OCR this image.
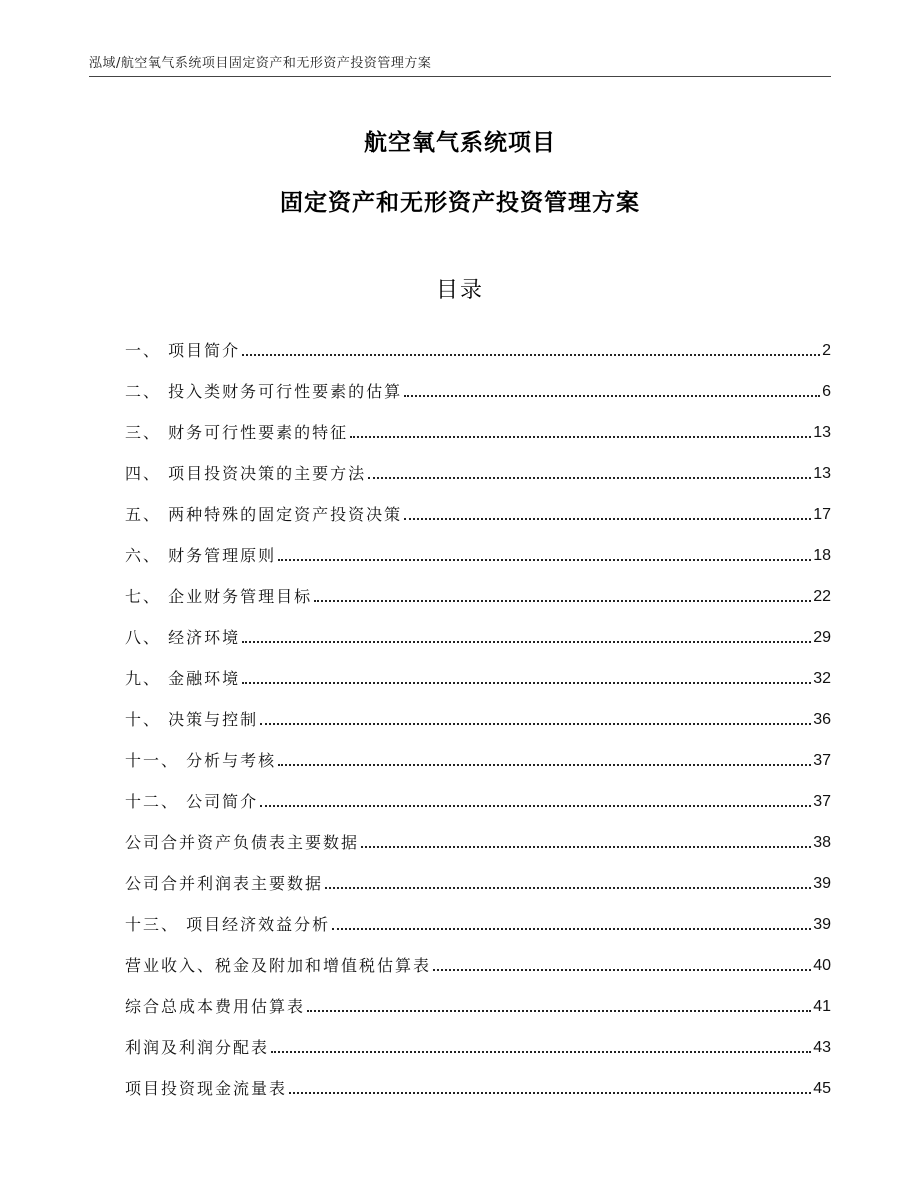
泓域/航空氧气系统项目固定资产和无形资产投资管理方案
航空氧气系统项目
固定资产和无形资产投资管理方案
目录
一、 项目简介	2
二、 投入类财务可行性要素的估算	6
三、 财务可行性要素的特征	13
四、 项目投资决策的主要方法	13
五、 两种特殊的固定资产投资决策	17
六、 财务管理原则	18
七、 企业财务管理目标	22
八、 经济环境	29
九、 金融环境	32
十、 决策与控制	36
十一、 分析与考核	37
十二、 公司简介	37
公司合并资产负债表主要数据	38
公司合并利润表主要数据	39
十三、 项目经济效益分析	39
营业收入、税金及附加和增值税估算表	40
综合总成本费用估算表	41
利润及利润分配表	43
项目投资现金流量表	45
